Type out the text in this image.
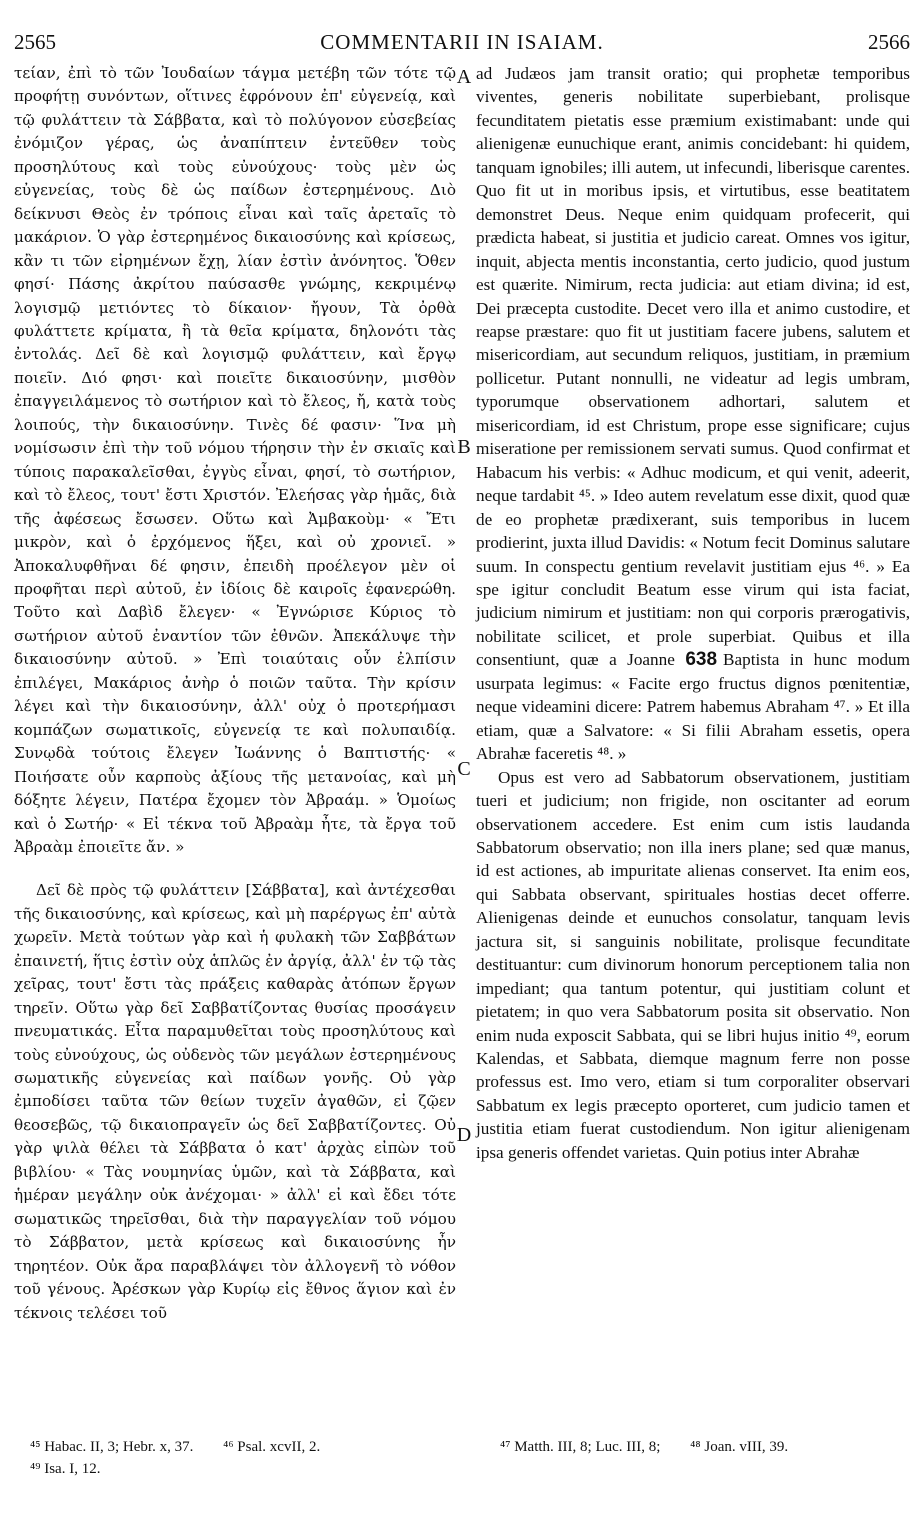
2565	COMMENTARII IN ISAIAM.	2566

τείαν, ἐπὶ τὸ τῶν Ἰουδαίων τάγμα μετέβη τῶν τότε τῷ προφήτῃ συνόντων, οἵτινες ἐφρόνουν ἐπ' εὐγενείᾳ, καὶ τῷ φυλάττειν τὰ Σάββατα, καὶ τὸ πολύγονον εὐσεβείας ἐνόμιζον γέρας, ὡς ἀναπίπτειν ἐντεῦθεν τοὺς προσηλύτους καὶ τοὺς εὐνούχους· τοὺς μὲν ὡς εὐγενείας, τοὺς δὲ ὡς παίδων ἐστερημένους. Διὸ δείκνυσι Θεὸς ἐν τρόποις εἶναι καὶ ταῖς ἀρεταῖς τὸ μακάριον. Ὁ γὰρ ἐστερημένος δικαιοσύνης καὶ κρίσεως, κἂν τι τῶν εἰρημένων ἔχῃ, λίαν ἐστὶν ἀνόνητος. Ὅθεν φησί· Πάσης ἀκρίτου παύσασθε γνώμης, κεκριμένῳ λογισμῷ μετιόντες τὸ δίκαιον· ἤγουν, Τὰ ὀρθὰ φυλάττετε κρίματα, ἢ τὰ θεῖα κρίματα, δηλονότι τὰς ἐντολάς. Δεῖ δὲ καὶ λογισμῷ φυλάττειν, καὶ ἔργῳ ποιεῖν. Διό φησι· καὶ ποιεῖτε δικαιοσύνην, μισθὸν ἐπαγγειλάμενος τὸ σωτήριον καὶ τὸ ἔλεος, ἤ, κατὰ τοὺς λοιπούς, τὴν δικαιοσύνην. Τινὲς δέ φασιν· Ἵνα μὴ νομίσωσιν ἐπὶ τὴν τοῦ νόμου τήρησιν τὴν ἐν σκιαῖς καὶ τύποις παρακαλεῖσθαι, ἐγγὺς εἶναι, φησί, τὸ σωτήριον, καὶ τὸ ἔλεος, τουτ' ἔστι Χριστόν. Ἐλεήσας γὰρ ἡμᾶς, διὰ τῆς ἀφέσεως ἔσωσεν. Οὕτω καὶ Ἀμβακοὺμ· « Ἔτι μικρὸν, καὶ ὁ ἐρχόμενος ἥξει, καὶ οὐ χρονιεῖ. » Ἀποκαλυφθῆναι δέ φησιν, ἐπειδὴ προέλεγον μὲν οἱ προφῆται περὶ αὐτοῦ, ἐν ἰδίοις δὲ καιροῖς ἐφανερώθη. Τοῦτο καὶ Δαβὶδ ἔλεγεν· « Ἐγνώρισε Κύριος τὸ σωτήριον αὐτοῦ ἐναντίον τῶν ἐθνῶν. Ἀπεκάλυψε τὴν δικαιοσύνην αὐτοῦ. » Ἐπὶ τοιαύταις οὖν ἐλπίσιν ἐπιλέγει, Μακάριος ἀνὴρ ὁ ποιῶν ταῦτα. Τὴν κρίσιν λέγει καὶ τὴν δικαιοσύνην, ἀλλ' οὐχ ὁ προτερήμασι κομπάζων σωματικοῖς, εὐγενείᾳ τε καὶ πολυπαιδίᾳ. Συνῳδὰ τούτοις ἔλεγεν Ἰωάννης ὁ Βαπτιστής· « Ποιήσατε οὖν καρποὺς ἀξίους τῆς μετανοίας, καὶ μὴ δόξητε λέγειν, Πατέρα ἔχομεν τὸν Ἀβραάμ. » Ὁμοίως καὶ ὁ Σωτήρ· « Εἰ τέκνα τοῦ Ἀβραὰμ ἦτε, τὰ ἔργα τοῦ Ἀβραὰμ ἐποιεῖτε ἄν. »

Δεῖ δὲ πρὸς τῷ φυλάττειν [Σάββατα], καὶ ἀντέχεσθαι τῆς δικαιοσύνης, καὶ κρίσεως, καὶ μὴ παρέργως ἐπ' αὐτὰ χωρεῖν. Μετὰ τούτων γὰρ καὶ ἡ φυλακὴ τῶν Σαββάτων ἐπαινετή, ἥτις ἐστὶν οὐχ ἁπλῶς ἐν ἀργίᾳ, ἀλλ' ἐν τῷ τὰς χεῖρας, τουτ' ἔστι τὰς πράξεις καθαρὰς ἀτόπων ἔργων τηρεῖν. Οὕτω γὰρ δεῖ Σαββατίζοντας θυσίας προσάγειν πνευματικάς. Εἶτα παραμυθεῖται τοὺς προσηλύτους καὶ τοὺς εὐνούχους, ὡς οὐδενὸς τῶν μεγάλων ἐστερημένους σωματικῆς εὐγενείας καὶ παίδων γονῆς. Οὐ γὰρ ἐμποδίσει ταῦτα τῶν θείων τυχεῖν ἀγαθῶν, εἰ ζῷεν θεοσεβῶς, τῷ δικαιοπραγεῖν ὡς δεῖ Σαββατίζοντες. Οὐ γὰρ ψιλὰ θέλει τὰ Σάββατα ὁ κατ' ἀρχὰς εἰπὼν τοῦ βιβλίου· « Τὰς νουμηνίας ὑμῶν, καὶ τὰ Σάββατα, καὶ ἡμέραν μεγάλην οὐκ ἀνέχομαι· » ἀλλ' εἰ καὶ ἔδει τότε σωματικῶς τηρεῖσθαι, διὰ τὴν παραγγελίαν τοῦ νόμου τὸ Σάββατον, μετὰ κρίσεως καὶ δικαιοσύνης ἦν τηρητέον. Οὐκ ἄρα παραβλάψει τὸν ἀλλογενῆ τὸ νόθον τοῦ γένους. Ἀρέσκων γὰρ Κυρίῳ εἰς ἔθνος ἅγιον καὶ ἐν τέκνοις τελέσει τοῦ

A
B
C
D

ad Judæos jam transit oratio; qui prophetæ temporibus viventes, generis nobilitate superbiebant, prolisque fecunditatem pietatis esse præmium existimabant: unde qui alienigenæ eunuchique erant, animis concidebant: hi quidem, tanquam ignobiles; illi autem, ut infecundi, liberisque carentes. Quo fit ut in moribus ipsis, et virtutibus, esse beatitatem demonstret Deus. Neque enim quidquam profecerit, qui prædicta habeat, si justitia et judicio careat. Omnes vos igitur, inquit, abjecta mentis inconstantia, certo judicio, quod justum est quærite. Nimirum, recta judicia: aut etiam divina; id est, Dei præcepta custodite. Decet vero illa et animo custodire, et reapse præstare: quo fit ut justitiam facere jubens, salutem et misericordiam, aut secundum reliquos, justitiam, in præmium pollicetur. Putant nonnulli, ne videatur ad legis umbram, typorumque observationem adhortari, salutem et misericordiam, id est Christum, prope esse significare; cujus miseratione per remissionem servati sumus. Quod confirmat et Habacum his verbis: « Adhuc modicum, et qui venit, adeerit, neque tardabit ⁴⁵. » Ideo autem revelatum esse dixit, quod quæ de eo prophetæ prædixerant, suis temporibus in lucem prodierint, juxta illud Davidis: « Notum fecit Dominus salutare suum. In conspectu gentium revelavit justitiam ejus ⁴⁶. » Ea spe igitur concludit Beatum esse virum qui ista faciat, judicium nimirum et justitiam: non qui corporis prærogativis, nobilitate scilicet, et prole superbiat. Quibus et illa consentiunt, quæ a Joanne 638 Baptista in hunc modum usurpata legimus: « Facite ergo fructus dignos pœnitentiæ, neque videamini dicere: Patrem habemus Abraham ⁴⁷. » Et illa etiam, quæ a Salvatore: « Si filii Abraham essetis, opera Abrahæ faceretis ⁴⁸. »

Opus est vero ad Sabbatorum observationem, justitiam tueri et judicium; non frigide, non oscitanter ad eorum observationem accedere. Est enim cum istis laudanda Sabbatorum observatio; non illa iners plane; sed quæ manus, id est actiones, ab impuritate alienas conservet. Ita enim eos, qui Sabbata observant, spirituales hostias decet offerre. Alienigenas deinde et eunuchos consolatur, tanquam levis jactura sit, si sanguinis nobilitate, prolisque fecunditate destituantur: cum divinorum honorum perceptionem talia non impediant; qua tantum potentur, qui justitiam colunt et pietatem; in quo vera Sabbatorum posita sit observatio. Non enim nuda exposcit Sabbata, qui se libri hujus initio ⁴⁹, eorum Kalendas, et Sabbata, diemque magnum ferre non posse professus est. Imo vero, etiam si tum corporaliter observari Sabbatum ex legis præcepto oporteret, cum judicio tamen et justitia etiam fuerat custodiendum. Non igitur alienigenam ipsa generis offendet varietas. Quin potius inter Abrahæ

⁴⁵ Habac. II, 3; Hebr. x, 37. ⁴⁶ Psal. xcvII, 2.
⁴⁹ Isa. I, 12.
⁴⁷ Matth. III, 8; Luc. III, 8; ⁴⁸ Joan. vIII, 39.
